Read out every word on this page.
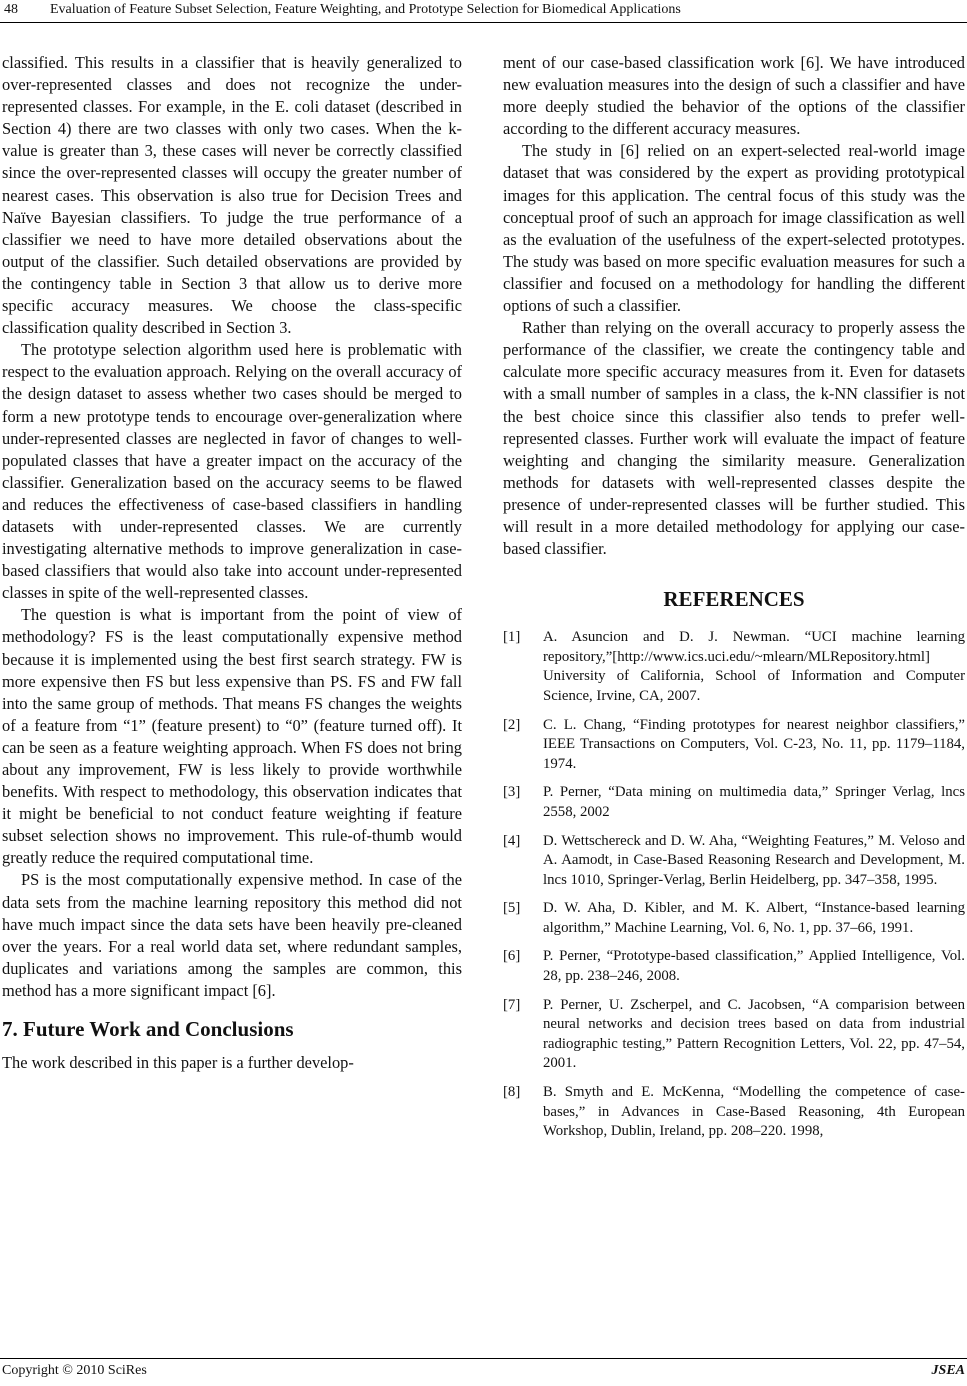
48 Evaluation of Feature Subset Selection, Feature Weighting, and Prototype Selection for Biomedical Applications

classified. This results in a classifier that is heavily generalized to over-represented classes and does not recognize the under-represented classes. For example, in the E. coli dataset (described in Section 4) there are two classes with only two cases. When the k-value is greater than 3, these cases will never be correctly classified since the over-represented classes will occupy the greater number of nearest cases. This observation is also true for Decision Trees and Naïve Bayesian classifiers. To judge the true performance of a classifier we need to have more detailed observations about the output of the classifier. Such detailed observations are provided by the contingency table in Section 3 that allow us to derive more specific accuracy measures. We choose the class-specific classification quality described in Section 3.

The prototype selection algorithm used here is problematic with respect to the evaluation approach. Relying on the overall accuracy of the design dataset to assess whether two cases should be merged to form a new prototype tends to encourage over-generalization where under-represented classes are neglected in favor of changes to well-populated classes that have a greater impact on the accuracy of the classifier. Generalization based on the accuracy seems to be flawed and reduces the effectiveness of case-based classifiers in handling datasets with under-represented classes. We are currently investigating alternative methods to improve generalization in case-based classifiers that would also take into account under-represented classes in spite of the well-represented classes.

The question is what is important from the point of view of methodology? FS is the least computationally expensive method because it is implemented using the best first search strategy. FW is more expensive then FS but less expensive than PS. FS and FW fall into the same group of methods. That means FS changes the weights of a feature from “1” (feature present) to “0” (feature turned off). It can be seen as a feature weighting approach. When FS does not bring about any improvement, FW is less likely to provide worthwhile benefits. With respect to methodology, this observation indicates that it might be beneficial to not conduct feature weighting if feature subset selection shows no improvement. This rule-of-thumb would greatly reduce the required computational time.

PS is the most computationally expensive method. In case of the data sets from the machine learning repository this method did not have much impact since the data sets have been heavily pre-cleaned over the years. For a real world data set, where redundant samples, duplicates and variations among the samples are common, this method has a more significant impact [6].

7. Future Work and Conclusions

The work described in this paper is a further develop-

ment of our case-based classification work [6]. We have introduced new evaluation measures into the design of such a classifier and have more deeply studied the behavior of the options of the classifier according to the different accuracy measures.

The study in [6] relied on an expert-selected real-world image dataset that was considered by the expert as providing prototypical images for this application. The central focus of this study was the conceptual proof of such an approach for image classification as well as the evaluation of the usefulness of the expert-selected prototypes. The study was based on more specific evaluation measures for such a classifier and focused on a methodology for handling the different options of such a classifier.

Rather than relying on the overall accuracy to properly assess the performance of the classifier, we create the contingency table and calculate more specific accuracy measures from it. Even for datasets with a small number of samples in a class, the k-NN classifier is not the best choice since this classifier also tends to prefer well-represented classes. Further work will evaluate the impact of feature weighting and changing the similarity measure. Generalization methods for datasets with well-represented classes despite the presence of under-represented classes will be further studied. This will result in a more detailed methodology for applying our case-based classifier.

REFERENCES
[1]	A. Asuncion and D. J. Newman. “UCI machine learning repository,”[http://www.ics.uci.edu/~mlearn/MLRepository.html] University of California, School of Information and Computer Science, Irvine, CA, 2007.
[2]	C. L. Chang, “Finding prototypes for nearest neighbor classifiers,” IEEE Transactions on Computers, Vol. C-23, No. 11, pp. 1179–1184, 1974.
[3]	P. Perner, “Data mining on multimedia data,” Springer Verlag, lncs 2558, 2002
[4]	D. Wettschereck and D. W. Aha, “Weighting Features,” M. Veloso and A. Aamodt, in Case-Based Reasoning Research and Development, M. lncs 1010, Springer-Verlag, Berlin Heidelberg, pp. 347–358, 1995.
[5]	D. W. Aha, D. Kibler, and M. K. Albert, “Instance-based learning algorithm,” Machine Learning, Vol. 6, No. 1, pp. 37–66, 1991.
[6]	P. Perner, “Prototype-based classification,” Applied Intelligence, Vol. 28, pp. 238–246, 2008.
[7]	P. Perner, U. Zscherpel, and C. Jacobsen, “A comparision between neural networks and decision trees based on data from industrial radiographic testing,” Pattern Recognition Letters, Vol. 22, pp. 47–54, 2001.
[8]	B. Smyth and E. McKenna, “Modelling the competence of case-bases,” in Advances in Case-Based Reasoning, 4th European Workshop, Dublin, Ireland, pp. 208–220. 1998,
Copyright © 2010 SciRes	JSEA
